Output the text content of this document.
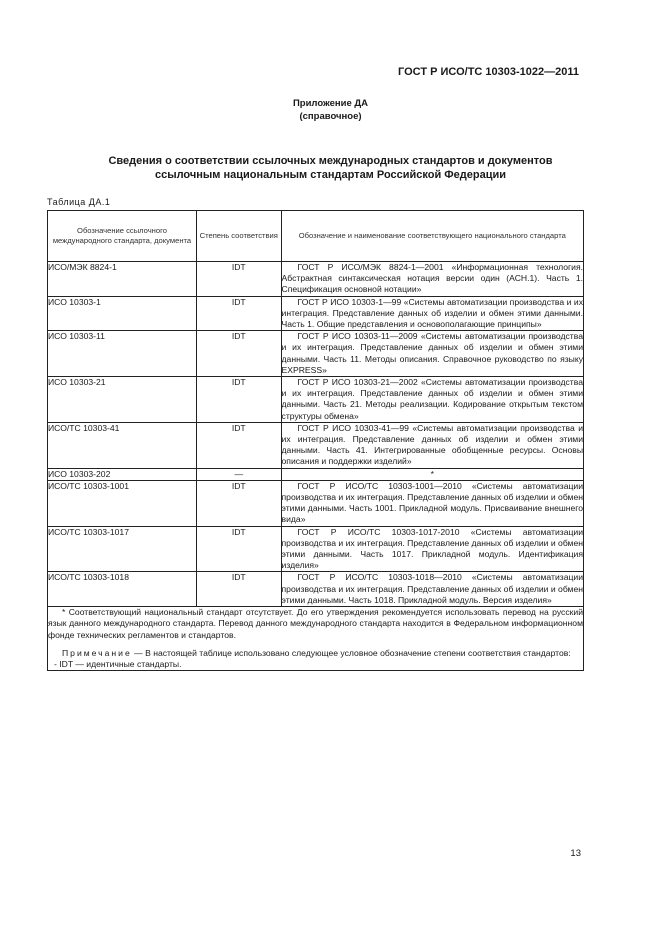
ГОСТ Р ИСО/ТС 10303-1022—2011
Приложение ДА
(справочное)
Сведения о соответствии ссылочных международных стандартов и документов
ссылочным национальным стандартам Российской Федерации
Таблица ДА.1
Обозначение ссылочного международного стандарта, документа	Степень соответствия	Обозначение и наименование соответствующего национального стандарта
ИСО/МЭК 8824-1	IDT	ГОСТ Р ИСО/МЭК 8824-1—2001 «Информационная технология. Абстрактная синтаксическая нотация версии один (АСН.1). Часть 1. Спецификация основной нотации»
ИСО 10303-1	IDT	ГОСТ Р ИСО 10303-1—99 «Системы автоматизации производства и их интеграция. Представление данных об изделии и обмен этими данными. Часть 1. Общие представления и основополагающие принципы»
ИСО 10303-11	IDT	ГОСТ Р ИСО 10303-11—2009 «Системы автоматизации производства и их интеграция. Представление данных об изделии и обмен этими данными. Часть 11. Методы описания. Справочное руководство по языку EXPRESS»
ИСО 10303-21	IDT	ГОСТ Р ИСО 10303-21—2002 «Системы автоматизации производства и их интеграция. Представление данных об изделии и обмен этими данными. Часть 21. Методы реализации. Кодирование открытым текстом структуры обмена»
ИСО/ТС 10303-41	IDT	ГОСТ Р ИСО 10303-41—99 «Системы автоматизации производства и их интеграция. Представление данных об изделии и обмен этими данными. Часть 41. Интегрированные обобщенные ресурсы. Основы описания и поддержки изделий»
ИСО 10303-202	—	*
ИСО/ТС 10303-1001	IDT	ГОСТ Р ИСО/ТС 10303-1001—2010 «Системы автоматизации производства и их интеграция. Представление данных об изделии и обмен этими данными. Часть 1001. Прикладной модуль. Присваивание внешнего вида»
ИСО/ТС 10303-1017	IDT	ГОСТ Р ИСО/ТС 10303-1017-2010 «Системы автоматизации производства и их интеграция. Представление данных об изделии и обмен этими данными. Часть 1017. Прикладной модуль. Идентификация изделия»
ИСО/ТС 10303-1018	IDT	ГОСТ Р ИСО/ТС 10303-1018—2010 «Системы автоматизации производства и их интеграция. Представление данных об изделии и обмен этими данными. Часть 1018. Прикладной модуль. Версия изделия»

* Соответствующий национальный стандарт отсутствует. До его утверждения рекомендуется использовать перевод на русский язык данного международного стандарта. Перевод данного международного стандарта находится в Федеральном информационном фонде технических регламентов и стандартов.

Примечание — В настоящей таблице использовано следующее условное обозначение степени соответствия стандартов:

- IDT — идентичные стандарты.		

13
